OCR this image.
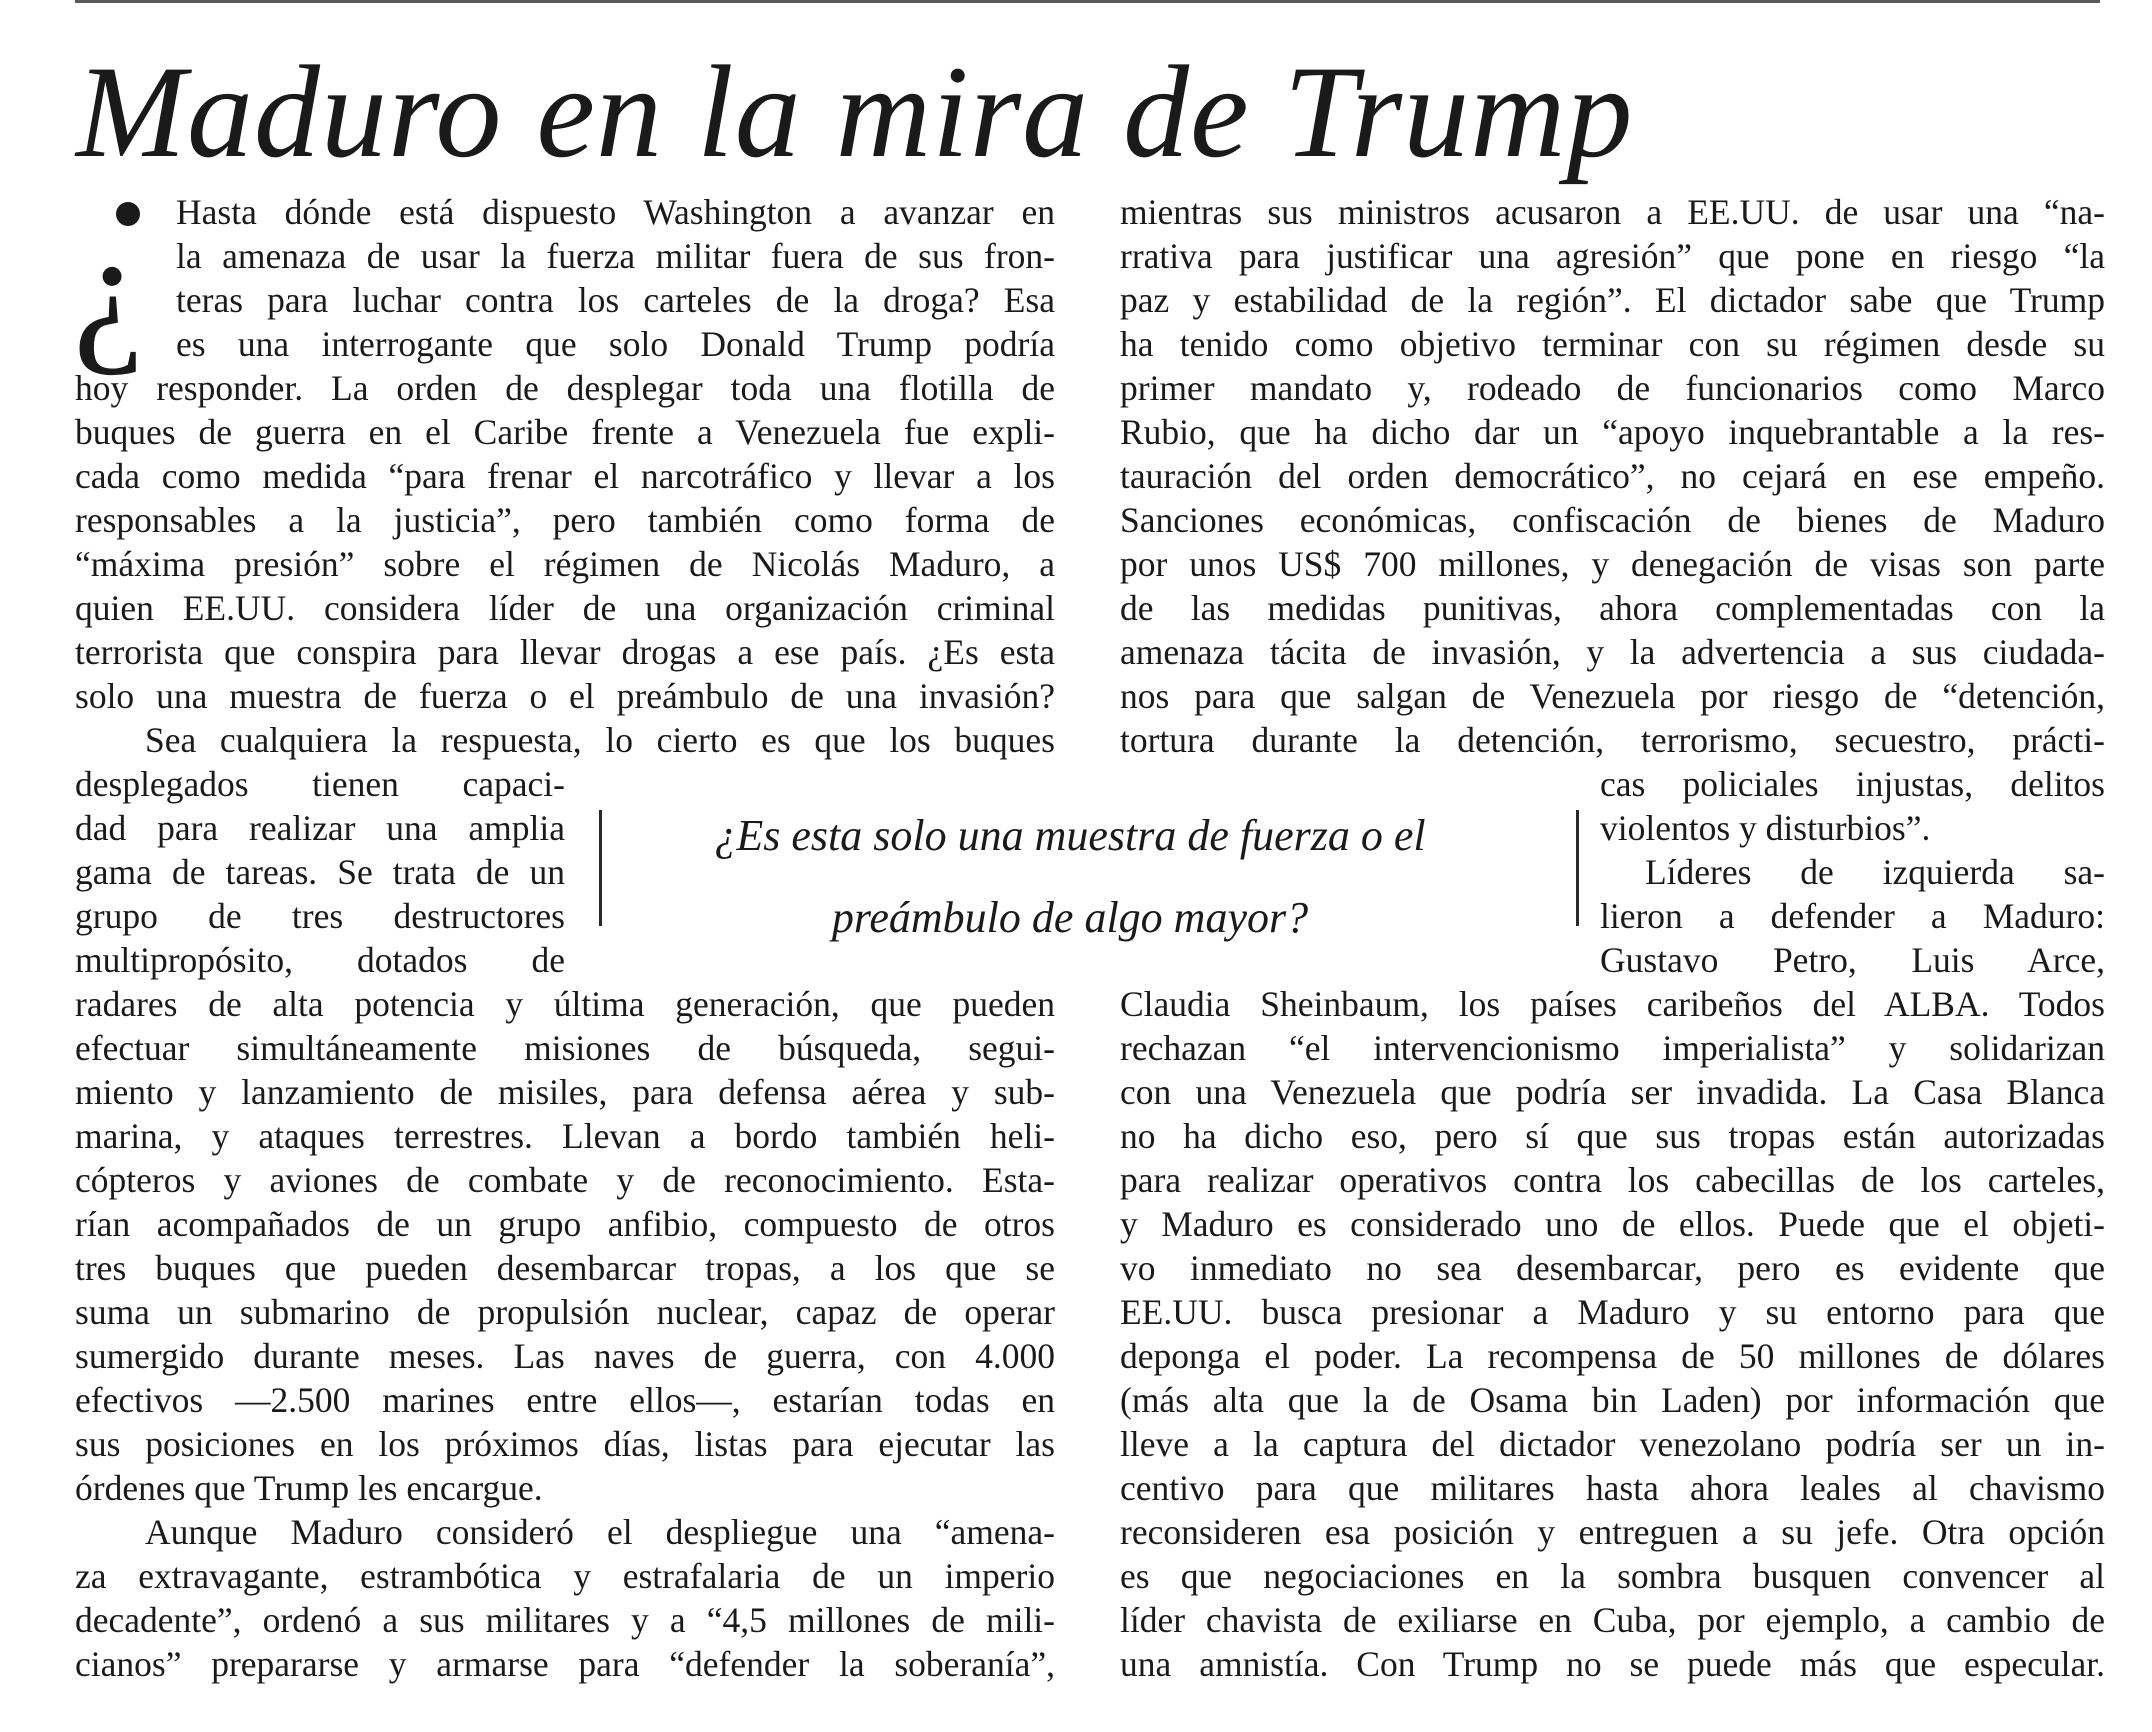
Maduro en la mira de Trump
¿ Hasta dónde está dispuesto Washington a avanzar en
la amenaza de usar la fuerza militar fuera de sus fron-
teras para luchar contra los carteles de la droga? Esa
es una interrogante que solo Donald Trump podría
hoy responder. La orden de desplegar toda una flotilla de
buques de guerra en el Caribe frente a Venezuela fue expli-
cada como medida “para frenar el narcotráfico y llevar a los
responsables a la justicia”, pero también como forma de
“máxima presión” sobre el régimen de Nicolás Maduro, a
quien EE.UU. considera líder de una organización criminal
terrorista que conspira para llevar drogas a ese país. ¿Es esta
solo una muestra de fuerza o el preámbulo de una invasión?
Sea cualquiera la respuesta, lo cierto es que los buques
desplegados tienen capaci-
dad para realizar una amplia
gama de tareas. Se trata de un
grupo de tres destructores
multipropósito, dotados de
radares de alta potencia y última generación, que pueden
efectuar simultáneamente misiones de búsqueda, segui-
miento y lanzamiento de misiles, para defensa aérea y sub-
marina, y ataques terrestres. Llevan a bordo también heli-
cópteros y aviones de combate y de reconocimiento. Esta-
rían acompañados de un grupo anfibio, compuesto de otros
tres buques que pueden desembarcar tropas, a los que se
suma un submarino de propulsión nuclear, capaz de operar
sumergido durante meses. Las naves de guerra, con 4.000
efectivos —2.500 marines entre ellos—, estarían todas en
sus posiciones en los próximos días, listas para ejecutar las
órdenes que Trump les encargue.
Aunque Maduro consideró el despliegue una “amena-
za extravagante, estrambótica y estrafalaria de un imperio
decadente”, ordenó a sus militares y a “4,5 millones de mili-
cianos” prepararse y armarse para “defender la soberanía”,
mientras sus ministros acusaron a EE.UU. de usar una “na-
rrativa para justificar una agresión” que pone en riesgo “la
paz y estabilidad de la región”. El dictador sabe que Trump
ha tenido como objetivo terminar con su régimen desde su
primer mandato y, rodeado de funcionarios como Marco
Rubio, que ha dicho dar un “apoyo inquebrantable a la res-
tauración del orden democrático”, no cejará en ese empeño.
Sanciones económicas, confiscación de bienes de Maduro
por unos US$ 700 millones, y denegación de visas son parte
de las medidas punitivas, ahora complementadas con la
amenaza tácita de invasión, y la advertencia a sus ciudada-
nos para que salgan de Venezuela por riesgo de “detención,
tortura durante la detención, terrorismo, secuestro, prácti-
cas policiales injustas, delitos
violentos y disturbios”.
Líderes de izquierda sa-
lieron a defender a Maduro:
Gustavo Petro, Luis Arce,
Claudia Sheinbaum, los países caribeños del ALBA. Todos
rechazan “el intervencionismo imperialista” y solidarizan
con una Venezuela que podría ser invadida. La Casa Blanca
no ha dicho eso, pero sí que sus tropas están autorizadas
para realizar operativos contra los cabecillas de los carteles,
y Maduro es considerado uno de ellos. Puede que el objeti-
vo inmediato no sea desembarcar, pero es evidente que
EE.UU. busca presionar a Maduro y su entorno para que
deponga el poder. La recompensa de 50 millones de dólares
(más alta que la de Osama bin Laden) por información que
lleve a la captura del dictador venezolano podría ser un in-
centivo para que militares hasta ahora leales al chavismo
reconsideren esa posición y entreguen a su jefe. Otra opción
es que negociaciones en la sombra busquen convencer al
líder chavista de exiliarse en Cuba, por ejemplo, a cambio de
una amnistía. Con Trump no se puede más que especular.
¿Es esta solo una muestra de fuerza o el
preámbulo de algo mayor?
